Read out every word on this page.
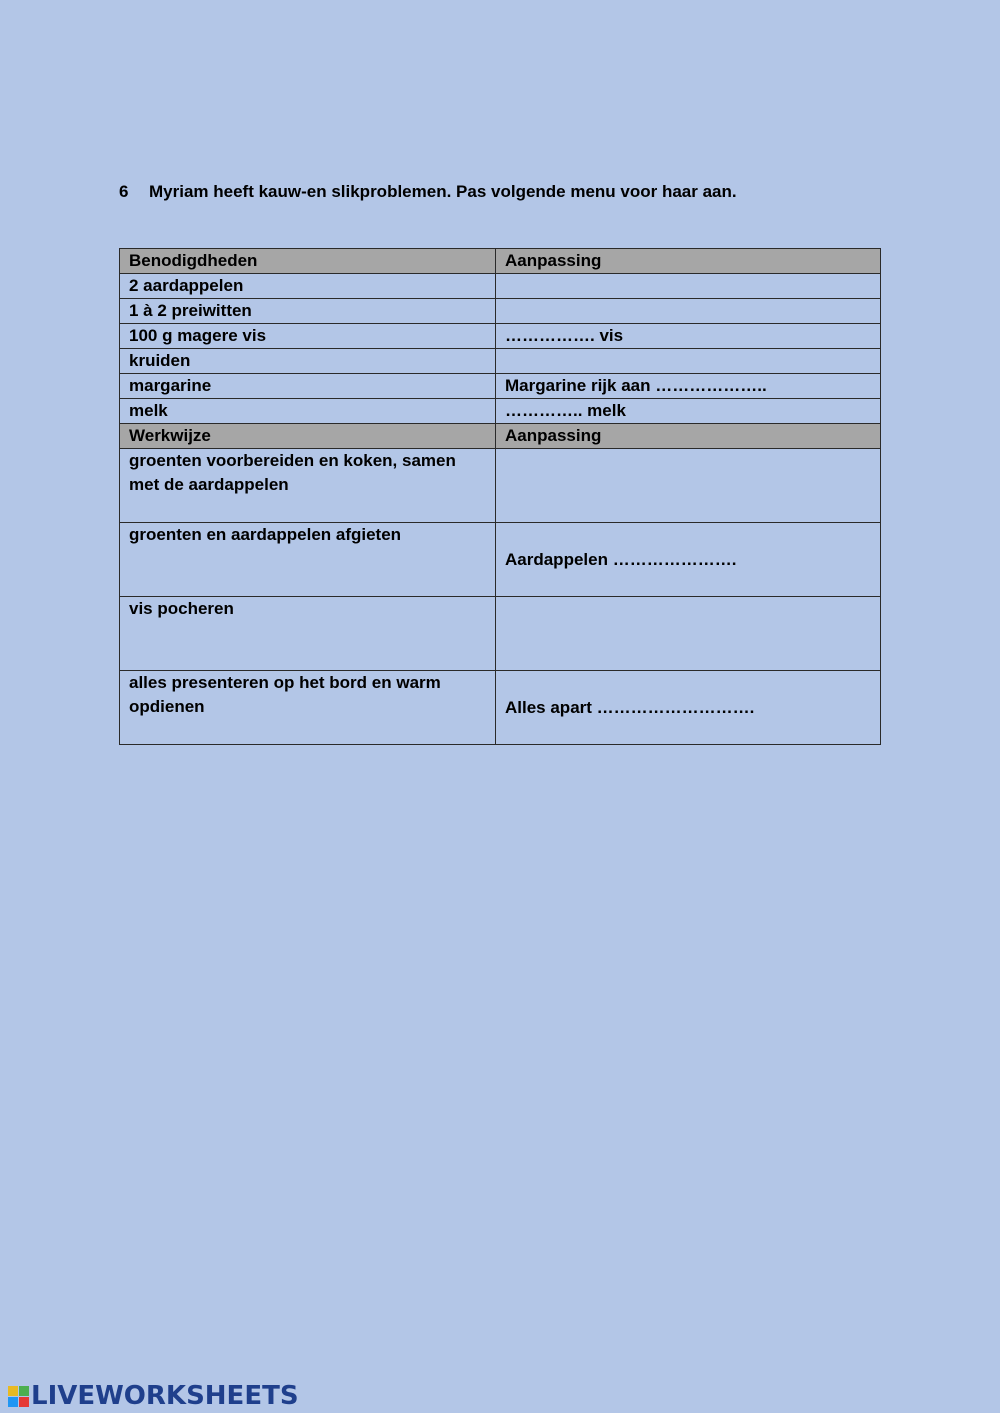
6 Myriam heeft kauw-en slikproblemen. Pas volgende menu voor haar aan.
Benodigdheden	Aanpassing
2 aardappelen	
1 à 2 preiwitten	
100 g magere vis	……………. vis
kruiden	
margarine	Margarine rijk aan ………………..
melk	………….. melk
Werkwijze	Aanpassing
groenten voorbereiden en koken, samen met de aardappelen	
groenten en aardappelen afgieten	Aardappelen ………………….
vis pocheren	
alles presenteren op het bord en warm opdienen	Alles apart ……………………….
LIVEWORKSHEETS
